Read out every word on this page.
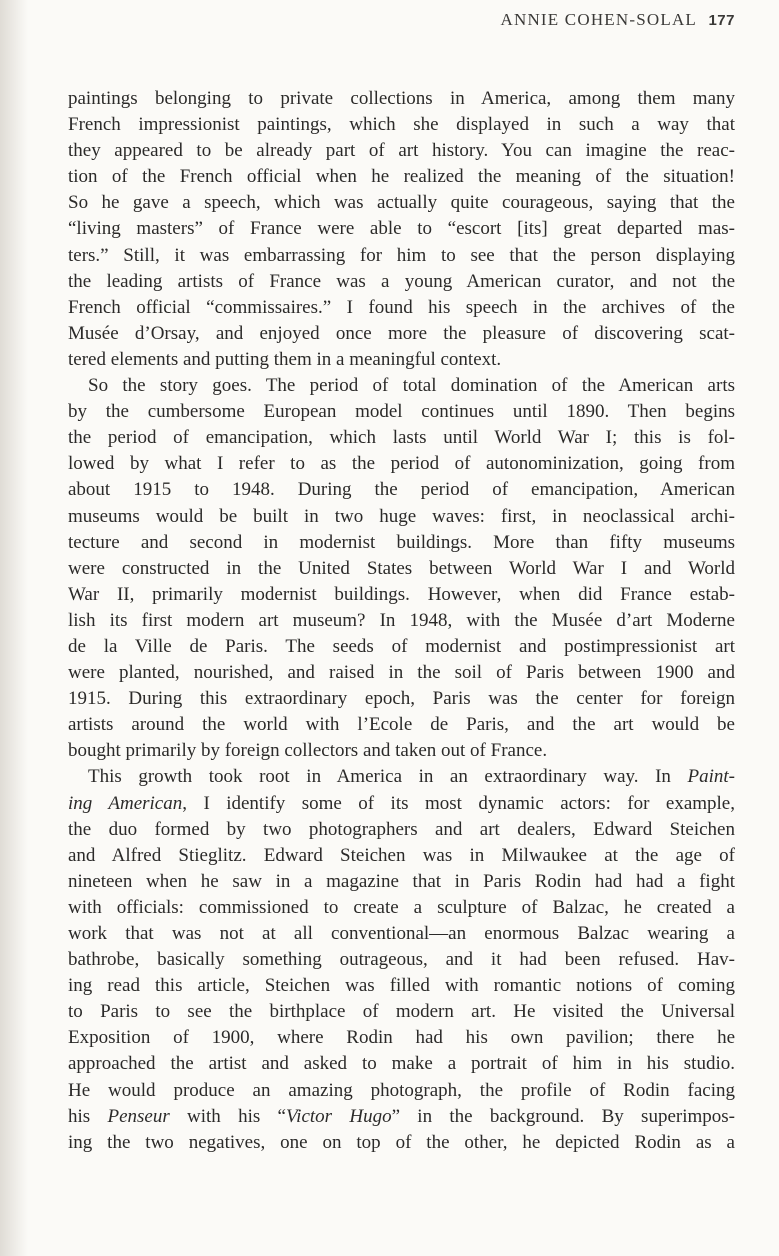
ANNIE COHEN-SOLAL 177
paintings belonging to private collections in America, among them many
French impressionist paintings, which she displayed in such a way that
they appeared to be already part of art history. You can imagine the reac-
tion of the French official when he realized the meaning of the situation!
So he gave a speech, which was actually quite courageous, saying that the
“living masters” of France were able to “escort [its] great departed mas-
ters.” Still, it was embarrassing for him to see that the person displaying
the leading artists of France was a young American curator, and not the
French official “commissaires.” I found his speech in the archives of the
Musée d’Orsay, and enjoyed once more the pleasure of discovering scat-
tered elements and putting them in a meaningful context.
So the story goes. The period of total domination of the American arts
by the cumbersome European model continues until 1890. Then begins
the period of emancipation, which lasts until World War I; this is fol-
lowed by what I refer to as the period of autonominization, going from
about 1915 to 1948. During the period of emancipation, American
museums would be built in two huge waves: first, in neoclassical archi-
tecture and second in modernist buildings. More than fifty museums
were constructed in the United States between World War I and World
War II, primarily modernist buildings. However, when did France estab-
lish its first modern art museum? In 1948, with the Musée d’art Moderne
de la Ville de Paris. The seeds of modernist and postimpressionist art
were planted, nourished, and raised in the soil of Paris between 1900 and
1915. During this extraordinary epoch, Paris was the center for foreign
artists around the world with l’Ecole de Paris, and the art would be
bought primarily by foreign collectors and taken out of France.
This growth took root in America in an extraordinary way. In Paint-
ing American, I identify some of its most dynamic actors: for example,
the duo formed by two photographers and art dealers, Edward Steichen
and Alfred Stieglitz. Edward Steichen was in Milwaukee at the age of
nineteen when he saw in a magazine that in Paris Rodin had had a fight
with officials: commissioned to create a sculpture of Balzac, he created a
work that was not at all conventional—an enormous Balzac wearing a
bathrobe, basically something outrageous, and it had been refused. Hav-
ing read this article, Steichen was filled with romantic notions of coming
to Paris to see the birthplace of modern art. He visited the Universal
Exposition of 1900, where Rodin had his own pavilion; there he
approached the artist and asked to make a portrait of him in his studio.
He would produce an amazing photograph, the profile of Rodin facing
his Penseur with his “Victor Hugo” in the background. By superimpos-
ing the two negatives, one on top of the other, he depicted Rodin as a
